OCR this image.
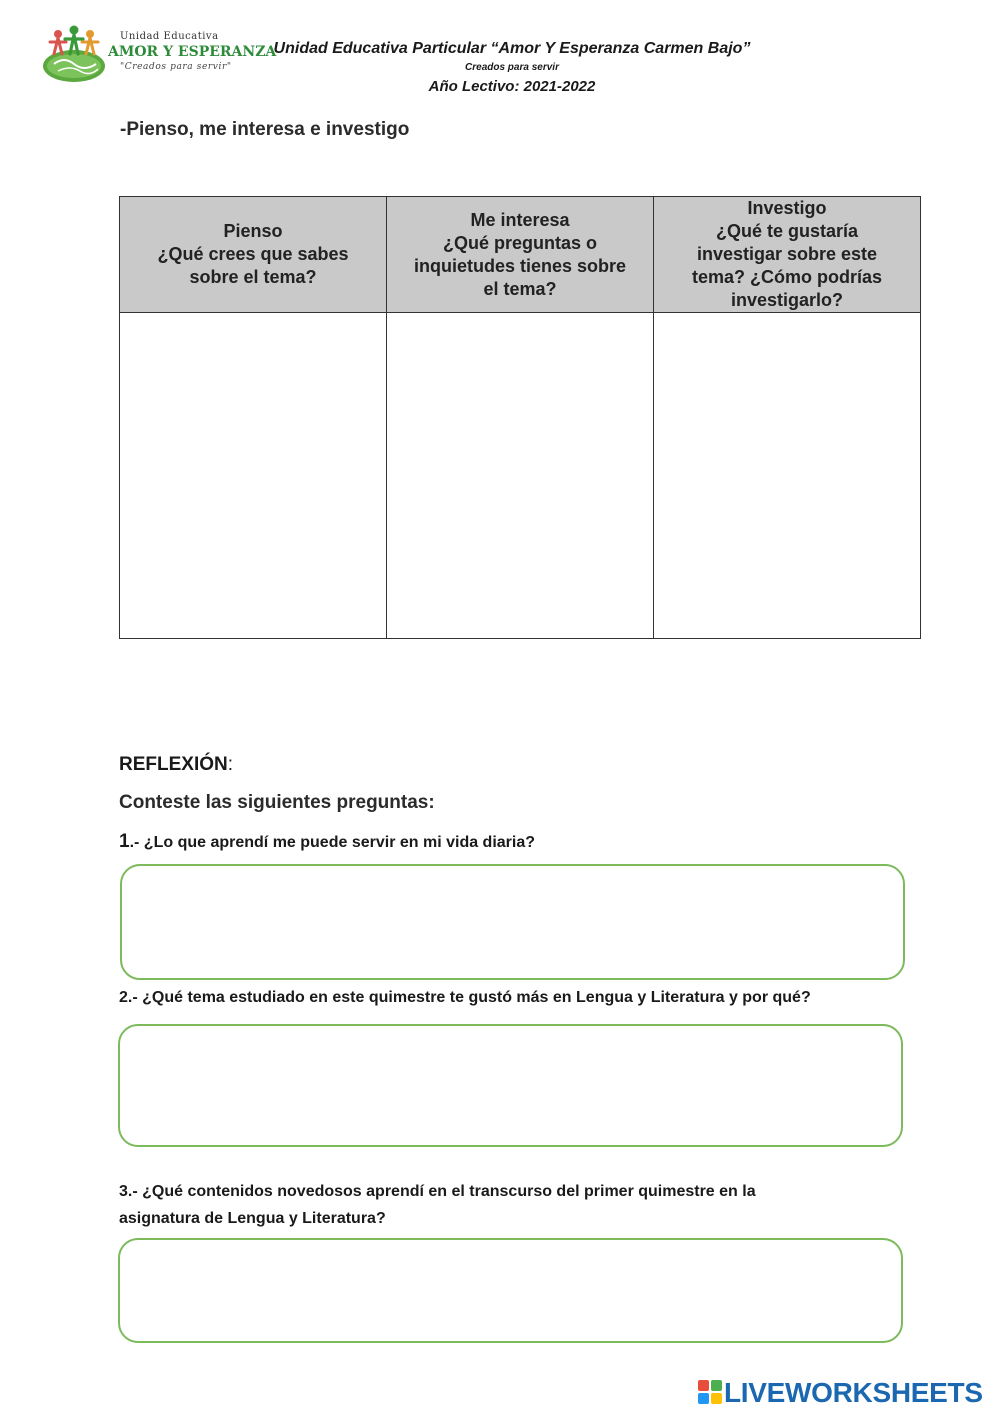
Unidad Educativa
AMOR Y ESPERANZA
"Creados para servir"
Unidad Educativa Particular “Amor Y Esperanza Carmen Bajo”
Creados para servir
Año Lectivo: 2021-2022
-Pienso, me interesa e investigo
Pienso
¿Qué crees que sabes
sobre el tema?	Me interesa
¿Qué preguntas o
inquietudes tienes sobre
el tema?	Investigo
¿Qué te gustaría
investigar sobre este
tema? ¿Cómo podrías
investigarlo?

REFLEXIÓN:
Conteste las siguientes preguntas:
1.- ¿Lo que aprendí me puede servir en mi vida diaria?
2.- ¿Qué tema estudiado en este quimestre te gustó más en Lengua y Literatura y por qué?
3.- ¿Qué contenidos novedosos aprendí en el transcurso del primer quimestre en la
asignatura de Lengua y Literatura?
LIVEWORKSHEETS
